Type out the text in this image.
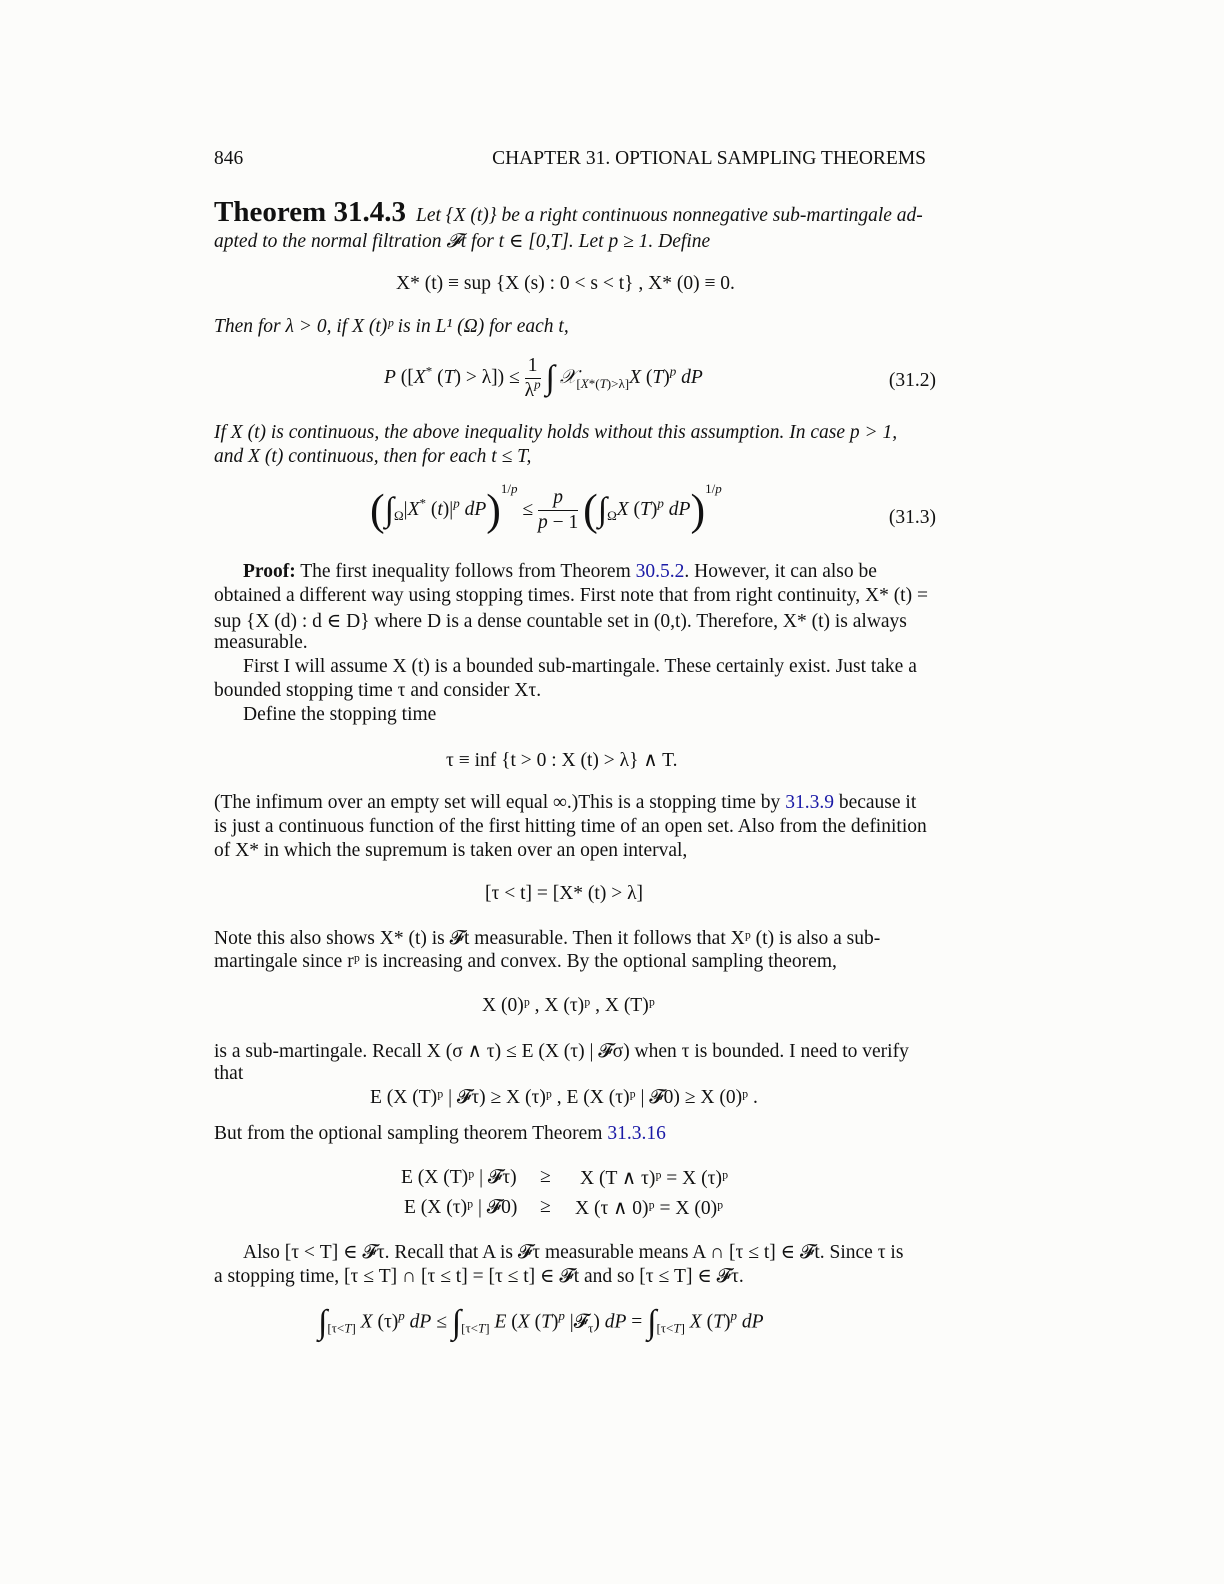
846	CHAPTER 31. OPTIONAL SAMPLING THEOREMS
Theorem 31.4.3 Let {X (t)} be a right continuous nonnegative sub-martingale ad-
apted to the normal filtration 𝓕t for t ∈ [0,T]. Let p ≥ 1. Define
X* (t) ≡ sup {X (s) : 0 < s < t} , X* (0) ≡ 0.
Then for λ > 0, if X (t)ᵖ is in L¹ (Ω) for each t,
P ([X* $(T) > \lambda]) \le \frac{1}{\lambda^p}$ ∫ 𝒳$_{[X*(T)>\lambda]}$X $(T)^p$ dP	(31.2)
If X (t) is continuous, the above inequality holds without this assumption. In case p > 1,
and X (t) continuous, then for each t ≤ T,
($\int_\Omega|X^*$ $(t)|^p$ $dP)^{1/p} \le \frac{p}{p - 1} (\int_\Omega X$ $(T)^p$ dP)$^{1/p}$
(31.3)
Proof: The first inequality follows from Theorem 30.5.2. However, it can also be
obtained a different way using stopping times. First note that from right continuity, X* (t) =
sup {X (d) : d ∈ D} where D is a dense countable set in (0,t). Therefore, X* (t) is always
measurable.
First I will assume X (t) is a bounded sub-martingale. These certainly exist. Just take a
bounded stopping time τ and consider Xτ.
Define the stopping time
τ ≡ inf {t > 0 : X (t) > λ} ∧ T.
(The infimum over an empty set will equal ∞.)This is a stopping time by 31.3.9 because it
is just a continuous function of the first hitting time of an open set. Also from the definition
of X* in which the supremum is taken over an open interval,
[τ < t] = [X* (t) > λ]
Note this also shows X* (t) is 𝓕t measurable. Then it follows that Xᵖ (t) is also a sub-
martingale since rᵖ is increasing and convex. By the optional sampling theorem,
X (0)ᵖ , X (τ)ᵖ , X (T)ᵖ
is a sub-martingale. Recall X (σ ∧ τ) ≤ E (X (τ) | 𝓕σ) when τ is bounded. I need to verify
that
E (X (T)ᵖ | 𝓕τ) ≥ X (τ)ᵖ , E (X (τ)ᵖ | 𝓕0) ≥ X (0)ᵖ .
But from the optional sampling theorem Theorem 31.3.16
E (X (T)ᵖ | 𝓕τ) ≥ X (T ∧ τ)ᵖ = X (τ)ᵖ
E (X (τ)ᵖ | 𝓕0) ≥ X (τ ∧ 0)ᵖ = X (0)ᵖ
Also [τ < T] ∈ 𝓕τ. Recall that A is 𝓕τ measurable means A ∩ [τ ≤ t] ∈ 𝓕t. Since τ is
a stopping time, [τ ≤ T] ∩ [τ ≤ t] = [τ ≤ t] ∈ 𝓕t and so [τ ≤ T] ∈ 𝓕τ.
$\int_{[\tau<T]}$ X $(\tau)^p$ dP ≤ $\int_{[\tau<T]}$ E (X $(T)^p$ |𝓕$_\tau$) dP = $\int_{[\tau<T]}$ X $(T)^p$ dP
